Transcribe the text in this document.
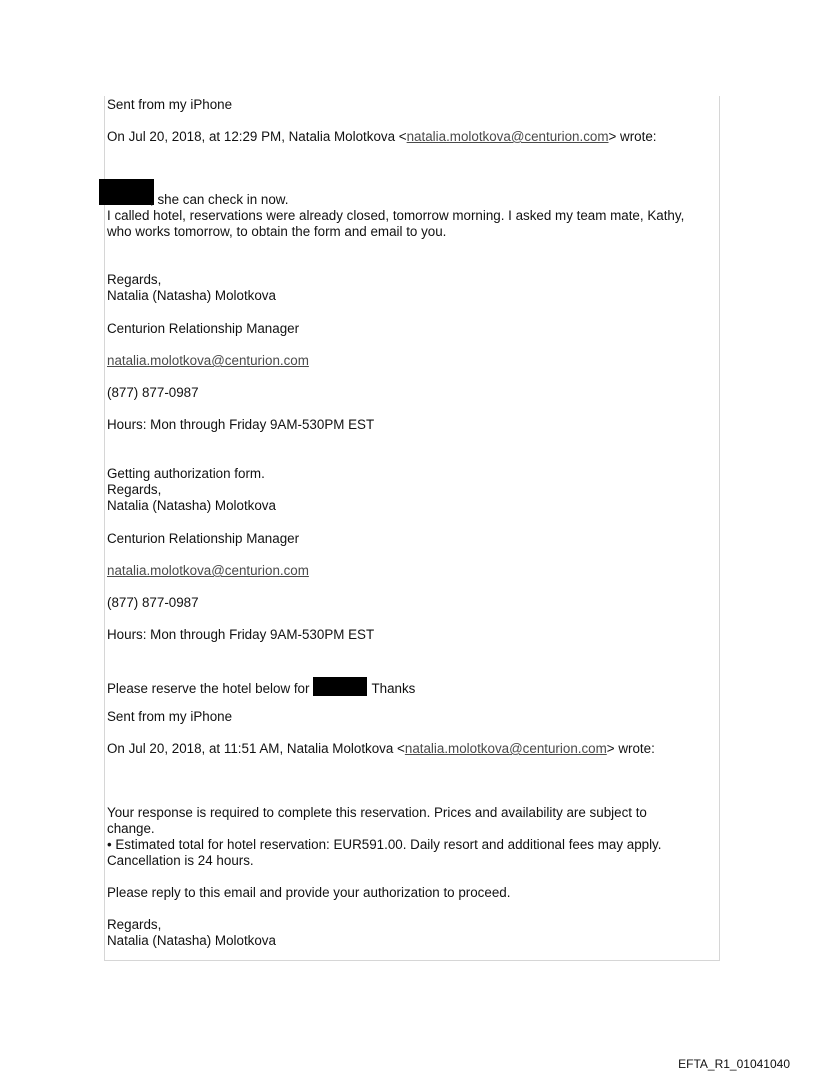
Sent from my iPhone
On Jul 20, 2018, at 12:29 PM, Natalia Molotkova <natalia.molotkova@centurion.com> wrote:
, she can check in now.
I called hotel, reservations were already closed, tomorrow morning. I asked my team mate, Kathy,
who works tomorrow, to obtain the form and email to you.
Regards,
Natalia (Natasha) Molotkova
Centurion Relationship Manager
natalia.molotkova@centurion.com
(877) 877-0987
Hours: Mon through Friday 9AM-530PM EST
Getting authorization form.
Regards,
Natalia (Natasha) Molotkova
Centurion Relationship Manager
natalia.molotkova@centurion.com
(877) 877-0987
Hours: Mon through Friday 9AM-530PM EST
Please reserve the hotel below for	Thanks
Sent from my iPhone
On Jul 20, 2018, at 11:51 AM, Natalia Molotkova <natalia.molotkova@centurion.com> wrote:
Your response is required to complete this reservation. Prices and availability are subject to
change.
• Estimated total for hotel reservation: EUR591.00. Daily resort and additional fees may apply.
Cancellation is 24 hours.
Please reply to this email and provide your authorization to proceed.
Regards,
Natalia (Natasha) Molotkova
EFTA_R1_01041040
